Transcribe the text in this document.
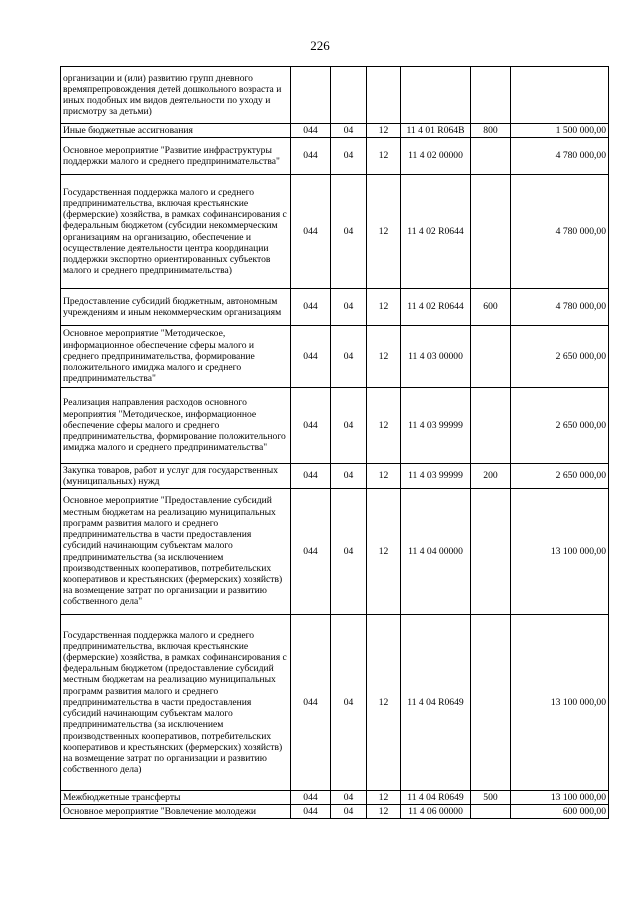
226
организации и (или) развитию групп дневного времяпрепровождения детей дошкольного возраста и иных подобных им видов деятельности по уходу и присмотру за детьми)						
Иные бюджетные ассигнования	044	04	12	11 4 01 R064B	800	1 500 000,00
Основное мероприятие "Развитие инфраструктуры поддержки малого и среднего предпринимательства"	044	04	12	11 4 02 00000		4 780 000,00
Государственная поддержка малого и среднего предпринимательства, включая крестьянские (фермерские) хозяйства, в рамках софинансирования с федеральным бюджетом (субсидии некоммерческим организациям на организацию, обеспечение и осуществление деятельности центра координации поддержки экспортно ориентированных субъектов малого и среднего предпринимательства)	044	04	12	11 4 02 R0644		4 780 000,00
Предоставление субсидий бюджетным, автономным учреждениям и иным некоммерческим организациям	044	04	12	11 4 02 R0644	600	4 780 000,00
Основное мероприятие "Методическое, информационное обеспечение сферы малого и среднего предпринимательства, формирование положительного имиджа малого и среднего предпринимательства"	044	04	12	11 4 03 00000		2 650 000,00
Реализация направления расходов основного мероприятия "Методическое, информационное обеспечение сферы малого и среднего предпринимательства, формирование положительного имиджа малого и среднего предпринимательства"	044	04	12	11 4 03 99999		2 650 000,00
Закупка товаров, работ и услуг для государственных (муниципальных) нужд	044	04	12	11 4 03 99999	200	2 650 000,00
Основное мероприятие "Предоставление субсидий местным бюджетам на реализацию муниципальных программ развития малого и среднего предпринимательства в части предоставления субсидий начинающим субъектам малого предпринимательства (за исключением производственных кооперативов, потребительских кооперативов и крестьянских (фермерских) хозяйств) на возмещение затрат по организации и развитию собственного дела"	044	04	12	11 4 04 00000		13 100 000,00
Государственная поддержка малого и среднего предпринимательства, включая крестьянские (фермерские) хозяйства, в рамках софинансирования с федеральным бюджетом (предоставление субсидий местным бюджетам на реализацию муниципальных программ развития малого и среднего предпринимательства в части предоставления субсидий начинающим субъектам малого предпринимательства (за исключением производственных кооперативов, потребительских кооперативов и крестьянских (фермерских) хозяйств) на возмещение затрат по организации и развитию собственного дела)	044	04	12	11 4 04 R0649		13 100 000,00
Межбюджетные трансферты	044	04	12	11 4 04 R0649	500	13 100 000,00
Основное мероприятие "Вовлечение молодежи	044	04	12	11 4 06 00000		600 000,00
